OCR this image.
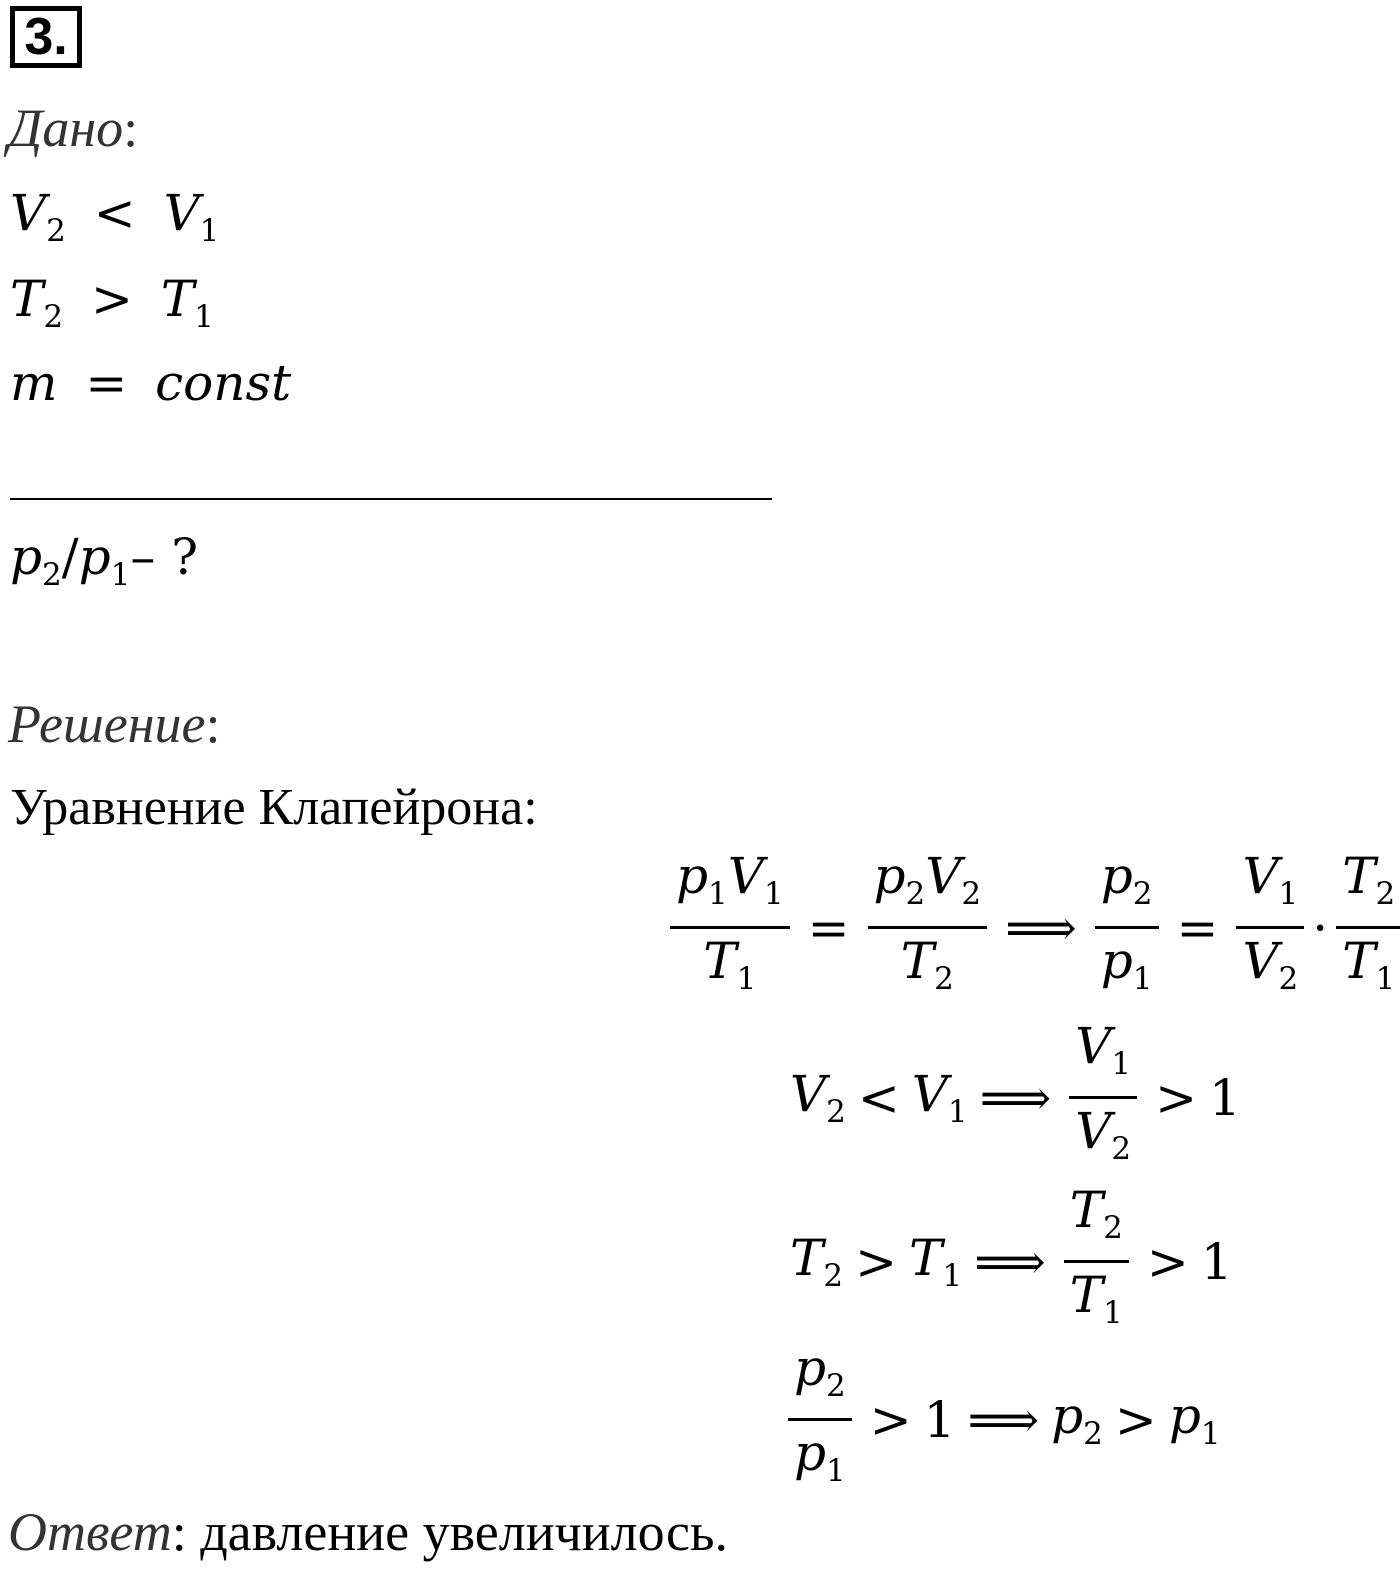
3.
Дано:
$V_2 < V_1$
$T_2 > T_1$
m = const
$p_2/p_1-$ ?
Решение:
Уравнение Клапейрона:
$\frac{p_1V_1}{T_1} = \frac{p_2V_2}{T_2}$ ⟹ $\frac{p_2}{p_1} = \frac{V_1}{V_2} \cdot \frac{T_2}{T_1}$
$V_2 < V_1$ ⟹ $\frac{V_1}{V_2} > 1$
$T_2 > T_1$ ⟹ $\frac{T_2}{T_1} > 1$
$\frac{p_2}{p_1} > 1$ ⟹ $p_2 > p_1$
Ответ: давление увеличилось.
